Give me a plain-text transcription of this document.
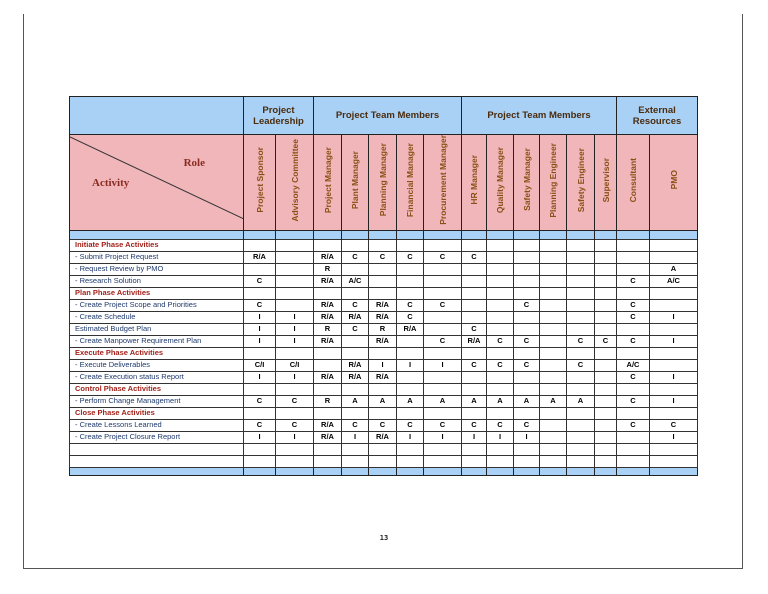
	Project Leadership		Project Team Members					Project Team Members						External Resources	

Role
Activity	Project Sponsor	Advisory Committee	Project Manager	Plant Manager	Planning Manager	Financial Manager	Procurement Manager	HR Manager	Quality Manager	Safety Manager	Planning Engineer	Safety Engineer	Supervisor	Consultant	PMO

Initiate Phase Activities															
- Submit Project Request	R/A		R/A	C	C	C	C	C							
- Request Review by PMO			R												A
- Research Solution	C		R/A	A/C										C	A/C
Plan Phase Activities															
- Create Project Scope and Priorities	C		R/A	C	R/A	C	C			C				C	
- Create Schedule	I	I	R/A	R/A	R/A	C								C	I
Estimated Budget Plan	I	I	R	C	R	R/A		C							
- Create Manpower Requirement Plan	I	I	R/A		R/A		C	R/A	C	C		C	C	C	I
Execute Phase Activities															
- Execute Deliverables	C/I	C/I		R/A	I	I	I	C	C	C		C		A/C	
- Create Execution status Report	I	I	R/A	R/A	R/A									C	I
Control Phase Activities															
- Perform Change Management	C	C	R	A	A	A	A	A	A	A	A	A		C	I
Close Phase Activities															
- Create Lessons Learned	C	C	R/A	C	C	C	C	C	C	C				C	C
- Create Project Closure Report	I	I	R/A	I	R/A	I	I	I	I	I					I

13
